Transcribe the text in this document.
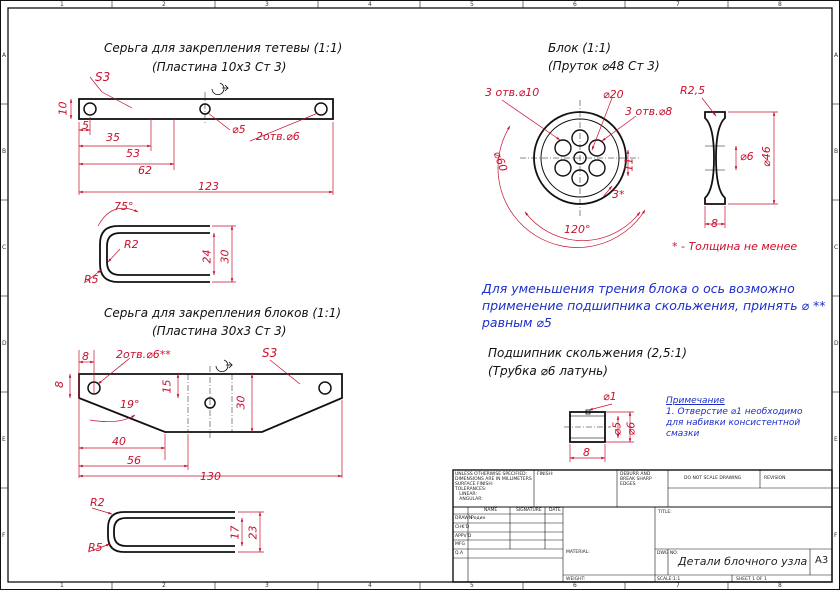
1	2	3	4	5	6	7	8
1	2	3	4	5	6	7	8
A
B
C
D
E
F
A
B
C
D
E
F
Серьга для закрепления тетевы (1:1)
(Пластина 10х3 Ст 3)
S3
10
5
35
53
62
123
⌀5
2отв.⌀6
75°
R2
R5
24 30
Блок (1:1)
(Пруток ⌀48 Ст 3)
3 отв.⌀10	⌀20
3 отв.⌀8
⌀60	11
3*
120°
R2,5
⌀6 ⌀46
8
* - Толщина не менее
Для уменьшения трения блока о ось возможно
применение подшипника скольжения, принять ⌀ **
равным ⌀5
Серьга для закрепления блоков (1:1)
(Пластина 30х3 Ст 3)
8 2отв.⌀6**	S3
8	15
19°	30
40
56
130
R2
R5
17 23
Подшипник скольжения (2,5:1)
(Трубка ⌀6 латунь)
⌀1
⌀5 ⌀6
8
Примечание
1. Отверстие ⌀1 необходимо для набивки консистентной смазки
UNLESS OTHERWISE SPECIFIED:
DIMENSIONS ARE IN MILLIMETERS
SURFACE FINISH:
TOLERANCES:
LINEAR:
ANGULAR:
FINISH:	DEBURR AND
BREAK SHARP
EDGES
DO NOT SCALE DRAWING	REVISION
NAME	SIGNATURE DATE	TITLE:
DRAWN
Родин
CHK'D
APPV'D
MFG
Q.A	MATERIAL:
WEIGHT:
DWG NO.
Детали блочного узла A3
SCALE:1:1	SHEET 1 OF 1
